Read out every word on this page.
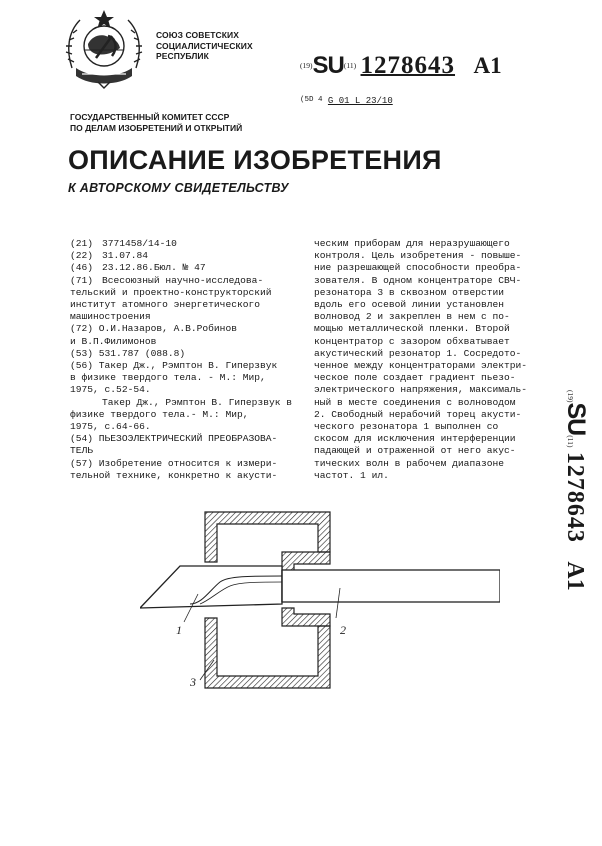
СОЮЗ СОВЕТСКИХ
СОЦИАЛИСТИЧЕСКИХ
РЕСПУБЛИК
$^{(19)}$SU$^{(11)}$ 1278643 A1
$^{(5D 4}$ G 01 L 23/10
ГОСУДАРСТВЕННЫЙ КОМИТЕТ СССР
ПО ДЕЛАМ ИЗОБРЕТЕНИЙ И ОТКРЫТИЙ
ОПИСАНИЕ ИЗОБРЕТЕНИЯ
К АВТОРСКОМУ СВИДЕТЕЛЬСТВУ
(21) 3771458/14-10
(22) 31.07.84
(46) 23.12.86.Бюл. № 47
(71) Всесоюзный научно-исследова-
тельский и проектно-конструкторский
институт атомного энергетического
машиностроения
(72) О.И.Назаров, А.В.Робинов
и В.П.Филимонов
(53) 531.787 (088.8)
(56) Такер Дж., Рэмптон В. Гиперзвук
в физике твердого тела. - М.: Мир,
1975, с.52-54.
Такер Дж., Рэмптон В. Гиперзвук в
физике твердого тела.- М.: Мир,
1975, с.64-66.
(54) ПЬЕЗОЭЛЕКТРИЧЕСКИЙ ПРЕОБРАЗОВА-
ТЕЛЬ
(57) Изобретение относится к измери-
тельной технике, конкретно к акусти-
ческим приборам для неразрушающего
контроля. Цель изобретения - повыше-
ние разрешающей способности преобра-
зователя. В одном концентраторе СВЧ-
резонатора 3 в сквозном отверстии
вдоль его осевой линии установлен
волновод 2 и закреплен в нем с по-
мощью металлической пленки. Второй
концентратор с зазором обхватывает
акустический резонатор 1. Сосредото-
ченное между концентраторами электри-
ческое поле создает градиент пьезо-
электрического напряжения, максималь-
ный в месте соединения с волноводом
2. Свободный нерабочий торец акусти-
ческого резонатора 1 выполнен со
скосом для исключения интерференции
падающей и отраженной от него акус-
тических волн в рабочем диапазоне
частот. 1 ил.
1	2
3
(19)SU(11) 1278643 A1
